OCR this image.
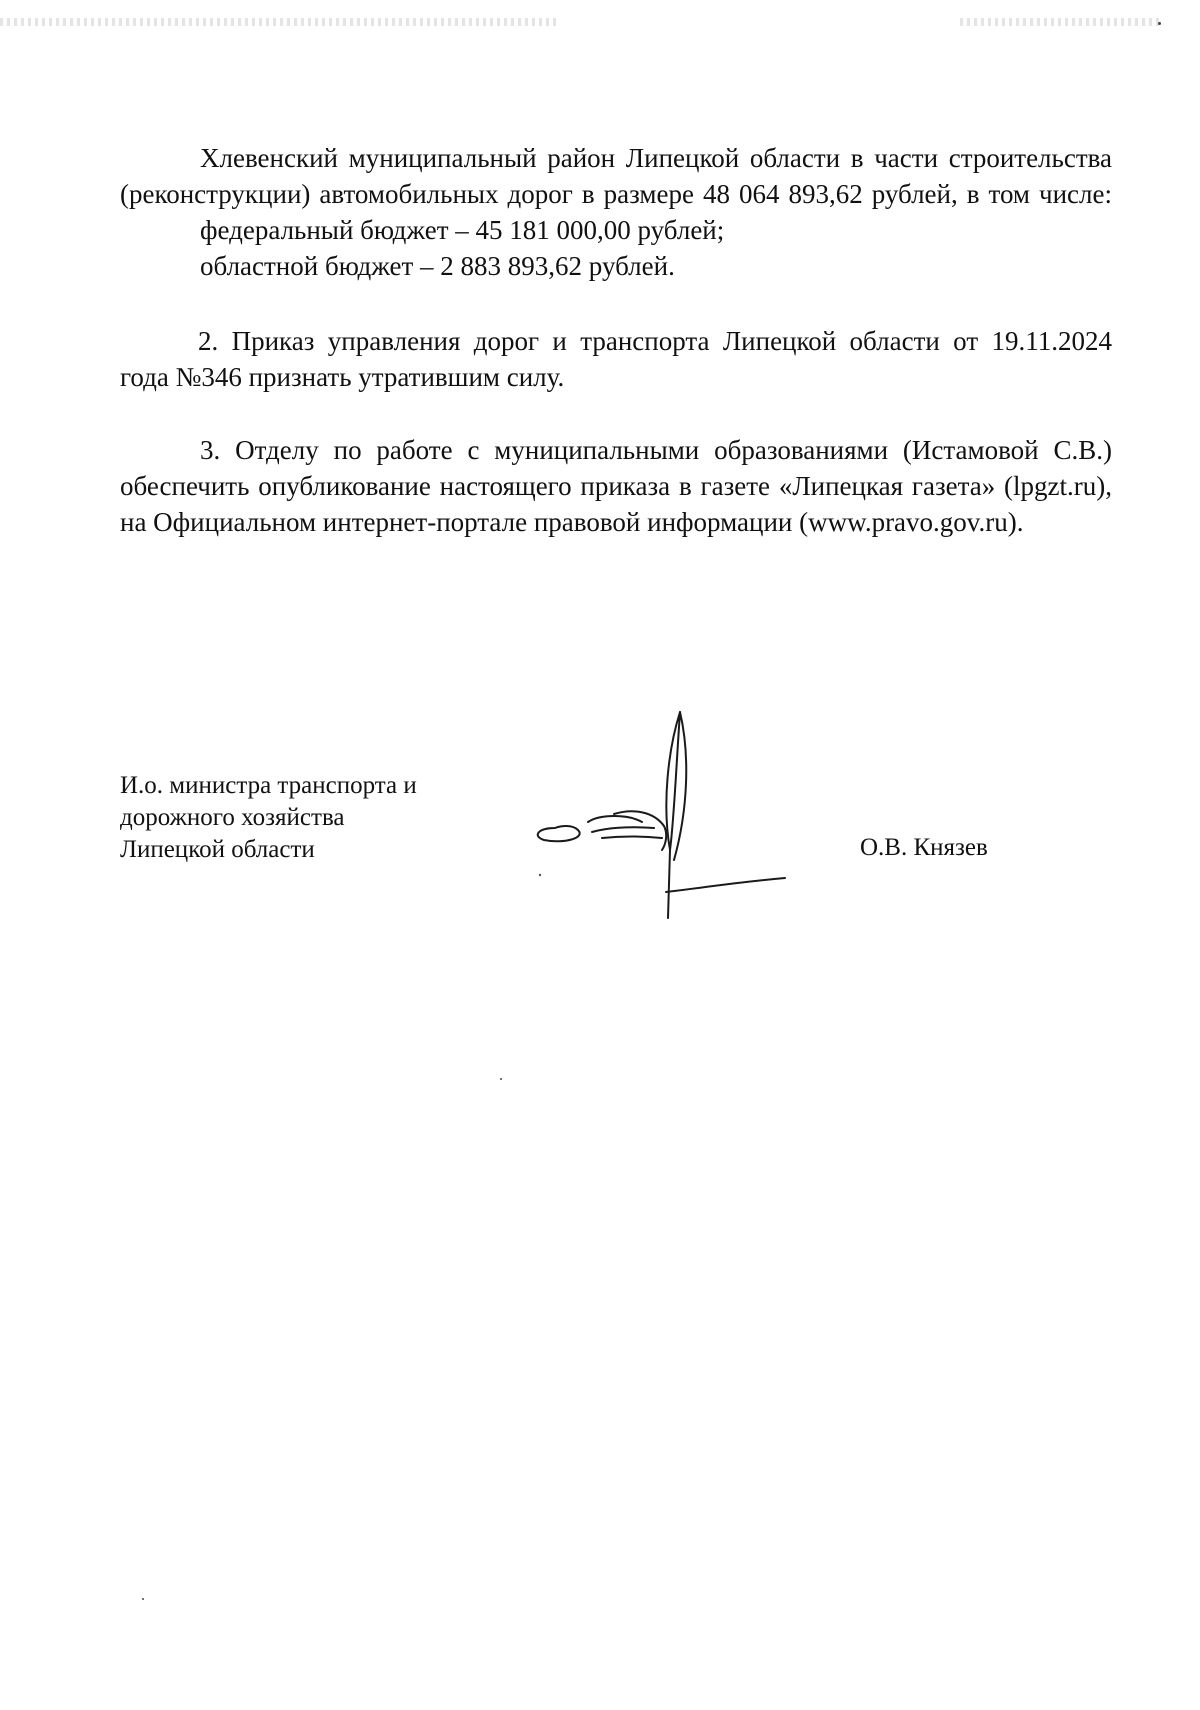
Хлевенский муниципальный район Липецкой области в части строительства
(реконструкции) автомобильных дорог в размере 48 064 893,62 рублей, в том числе:
федеральный бюджет – 45 181 000,00 рублей;
областной бюджет – 2 883 893,62 рублей.
2. Приказ управления дорог и транспорта Липецкой области от 19.11.2024
года №346 признать утратившим силу.
3. Отделу по работе с муниципальными образованиями (Истамовой С.В.)
обеспечить опубликование настоящего приказа в газете «Липецкая газета» (lpgzt.ru),
на Официальном интернет-портале правовой информации (www.pravo.gov.ru).
И.о. министра транспорта и
дорожного хозяйства
Липецкой области	О.В. Князев
